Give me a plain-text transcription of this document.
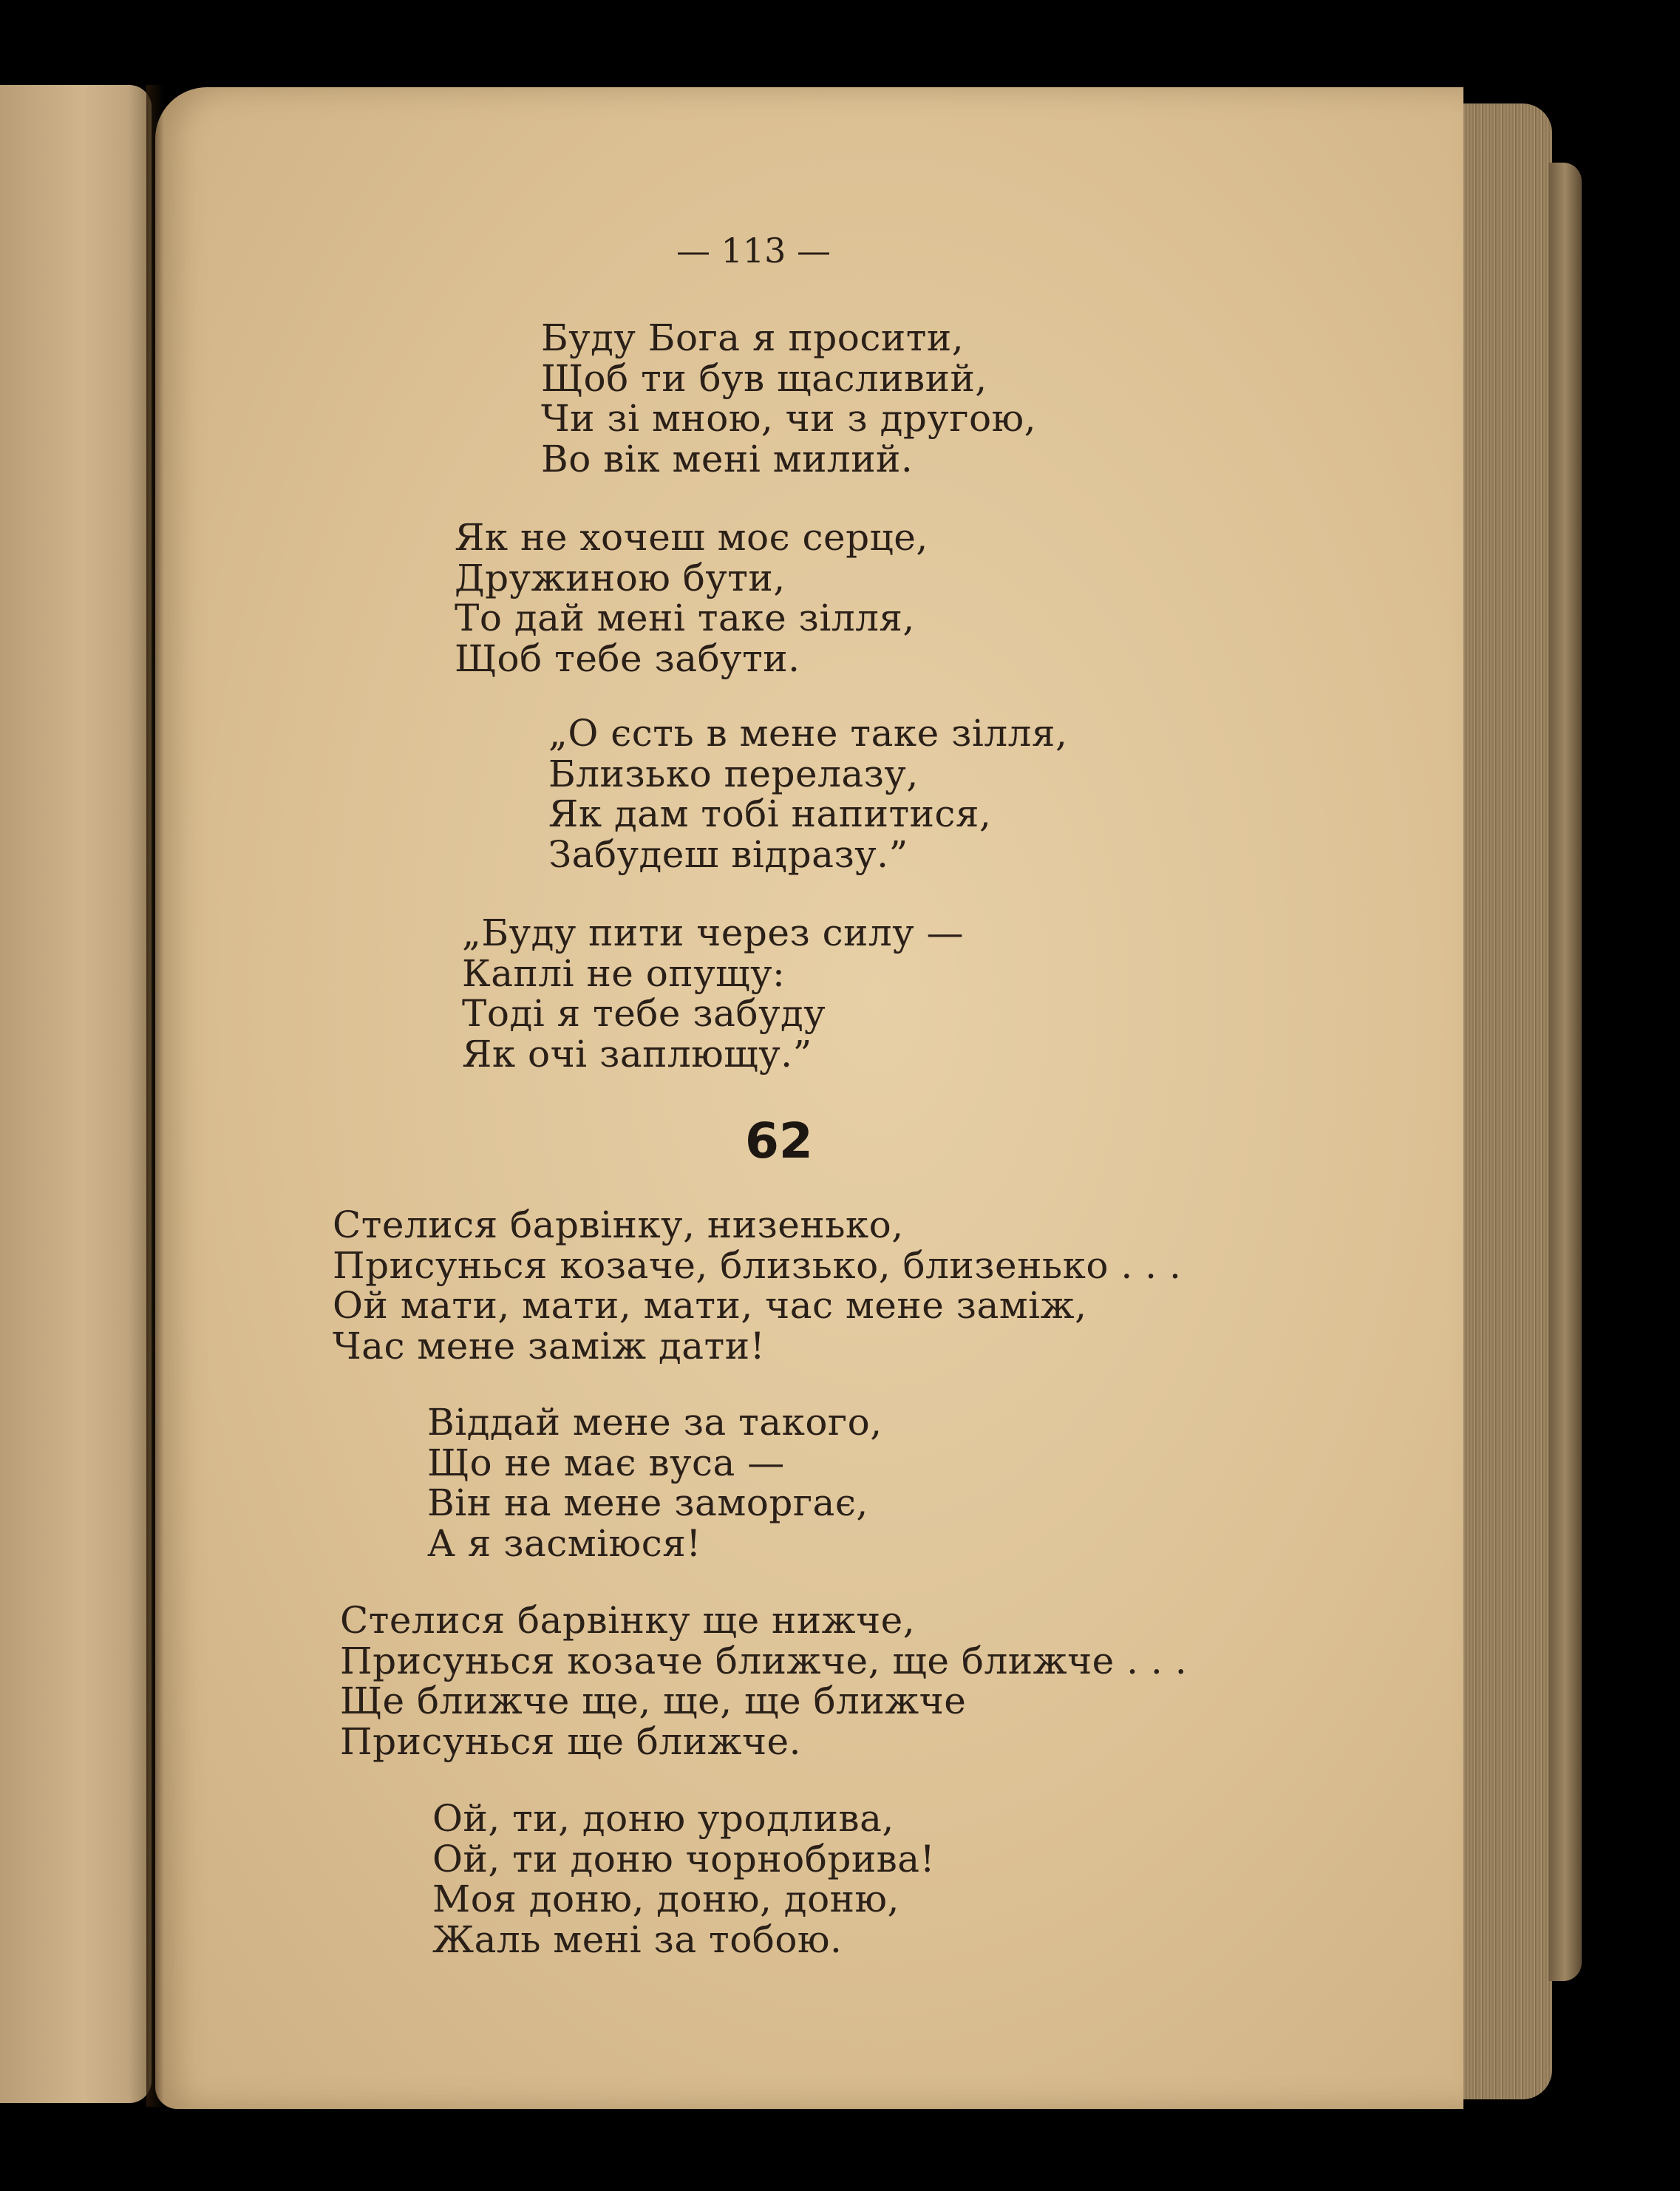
— 113 —

Буду Бога я просити,
Щоб ти був щасливий,
Чи зі мною, чи з другою,
Во вік мені милий.

Як не хочеш моє серце,
Дружиною бути,
То дай мені таке зілля,
Щоб тебе забути.

„О єсть в мене таке зілля,
Близько перелазу,
Як дам тобі напитися,
Забудеш відразу.”

„Буду пити через силу —
Каплі не опущу:
Тоді я тебе забуду
Як очі заплющу.”

62

Стелися барвінку, низенько,
Присунься козаче, близько, близенько . . .
Ой мати, мати, мати, час мене заміж,
Час мене заміж дати!

Віддай мене за такого,
Що не має вуса —
Він на мене заморгає,
А я засміюся!

Стелися барвінку ще нижче,
Присунься козаче ближче, ще ближче . . .
Ще ближче ще, ще, ще ближче
Присунься ще ближче.

Ой, ти, доню уродлива,
Ой, ти доню чорнобрива!
Моя доню, доню, доню,
Жаль мені за тобою.
